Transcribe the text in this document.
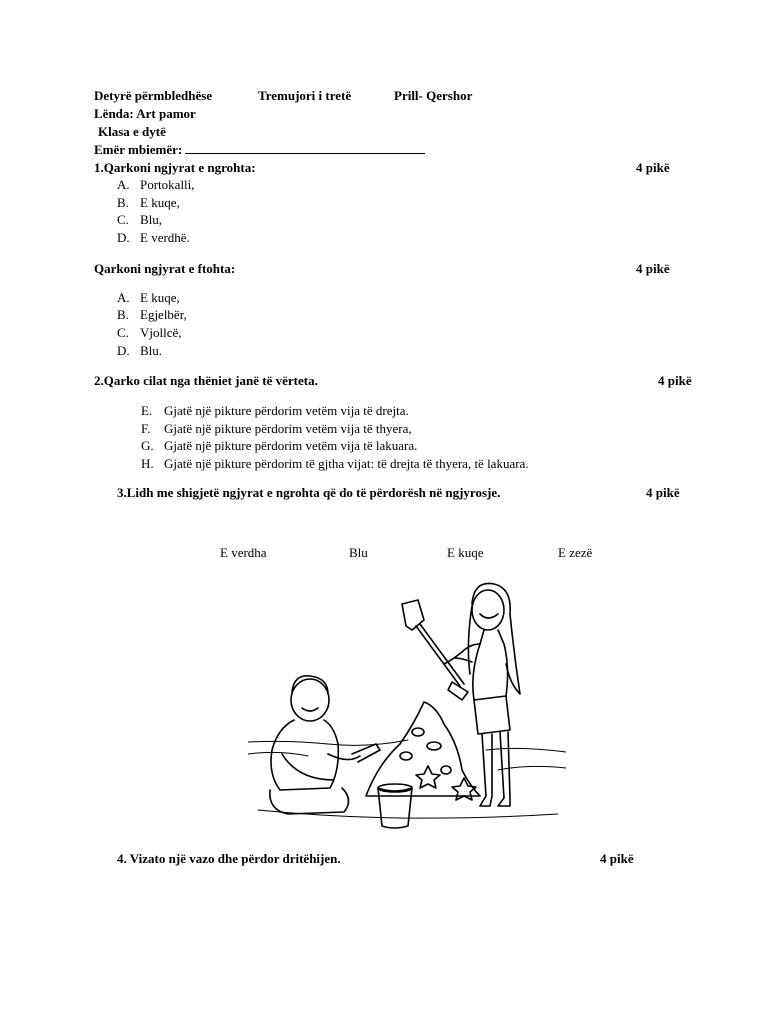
Detyrë përmbledhëse	Tremujori i tretë	Prill- Qershor
Lënda: Art pamor
Klasa e dytë
Emër mbiemër:
1.Qarkoni ngjyrat e ngrohta:	4 pikë
A. Portokalli,
B. E kuqe,
C. Blu,
D. E verdhë.
Qarkoni ngjyrat e ftohta:	4 pikë
A. E kuqe,
B. Egjelbër,
C. Vjollcë,
D. Blu.
2.Qarko cilat nga thëniet janë të vërteta.	4 pikë
E. Gjatë një pikture përdorim vetëm vija të drejta.
F. Gjatë një pikture përdorim vetëm vija të thyera,
G. Gjatë një pikture përdorim vetëm vija të lakuara.
H. Gjatë një pikture përdorim të gjtha vijat: të drejta të thyera, të lakuara.
3.Lidh me shigjetë ngjyrat e ngrohta që do të përdorësh në ngjyrosje.	4 pikë
E verdha	Blu	E kuqe	E zezë
4. Vizato një vazo dhe përdor dritëhijen.	4 pikë
